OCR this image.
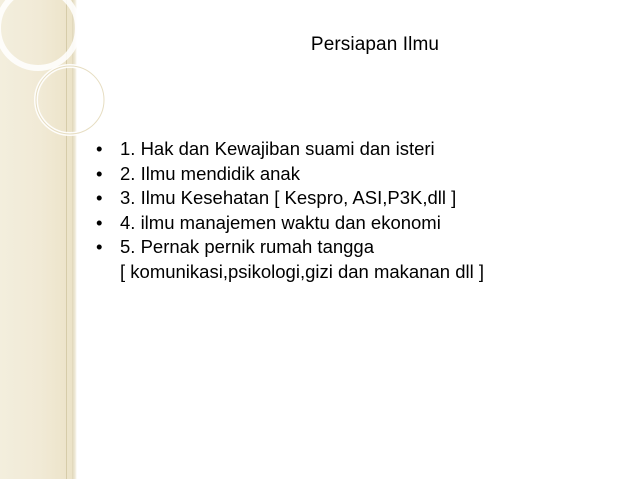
Persiapan Ilmu
• 1. Hak dan Kewajiban suami dan isteri
• 2. Ilmu mendidik anak
• 3. Ilmu Kesehatan [ Kespro, ASI,P3K,dll ]
• 4. ilmu manajemen waktu dan ekonomi
• 5. Pernak pernik rumah tangga
[ komunikasi,psikologi,gizi dan makanan dll ]
